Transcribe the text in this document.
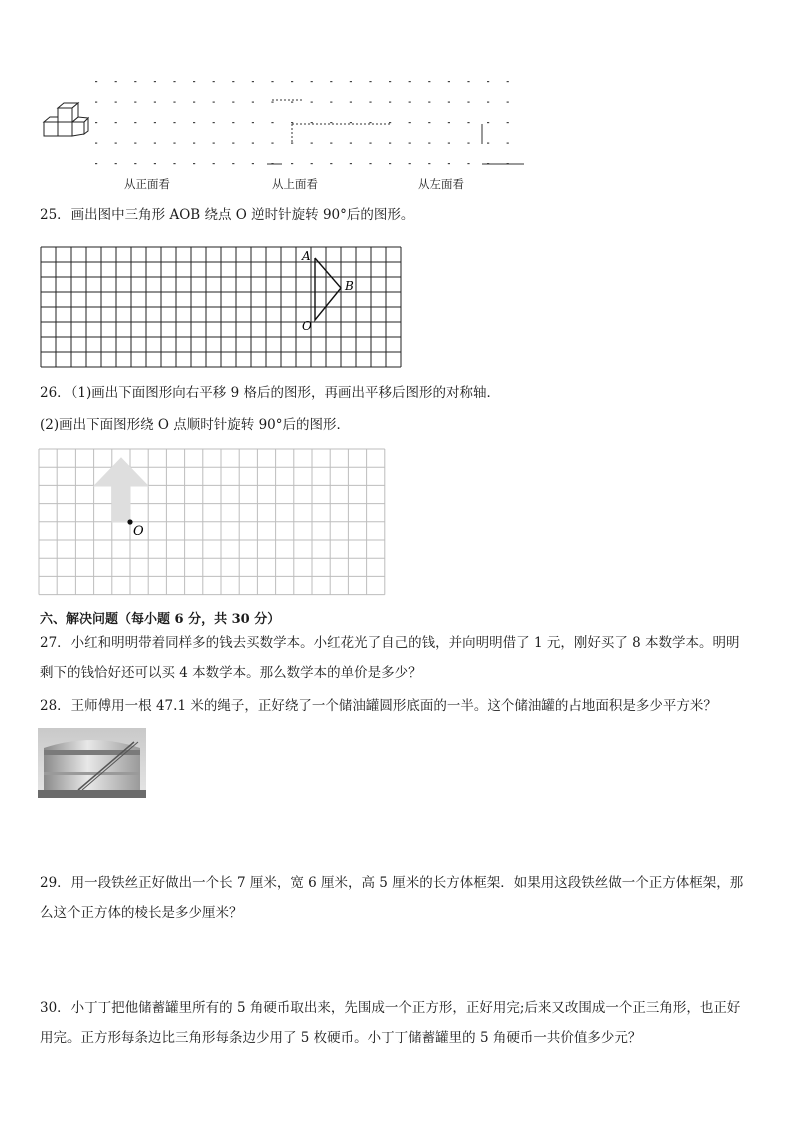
从正面看	从上面看	从左面看
25．画出图中三角形 AOB 绕点 O 逆时针旋转 90°后的图形。
A
B
O
26．（1)画出下面图形向右平移 9 格后的图形，再画出平移后图形的对称轴．
(2)画出下面图形绕 O 点顺时针旋转 90°后的图形．
O
六、解决问题（每小题 6 分，共 30 分）
27．小红和明明带着同样多的钱去买数学本。小红花光了自己的钱，并向明明借了 1 元，刚好买了 8 本数学本。明明
剩下的钱恰好还可以买 4 本数学本。那么数学本的单价是多少？
28．王师傅用一根 47.1 米的绳子，正好绕了一个储油罐圆形底面的一半。这个储油罐的占地面积是多少平方米？
29．用一段铁丝正好做出一个长 7 厘米，宽 6 厘米，高 5 厘米的长方体框架．如果用这段铁丝做一个正方体框架，那
么这个正方体的棱长是多少厘米？
30．小丁丁把他储蓄罐里所有的 5 角硬币取出来，先围成一个正方形，正好用完;后来又改围成一个正三角形，也正好
用完。正方形每条边比三角形每条边少用了 5 枚硬币。小丁丁储蓄罐里的 5 角硬币一共价值多少元？
